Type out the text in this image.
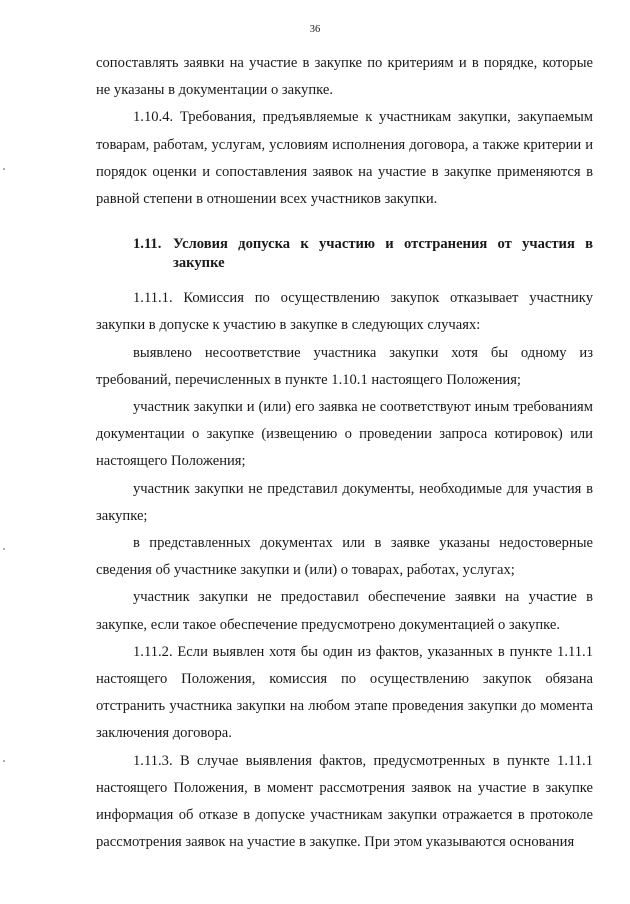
36

сопоставлять заявки на участие в закупке по критериям и в порядке, которые не указаны в документации о закупке.

1.10.4. Требования, предъявляемые к участникам закупки, закупаемым товарам, работам, услугам, условиям исполнения договора, а также критерии и порядок оценки и сопоставления заявок на участие в закупке применяются в равной степени в отношении всех участников закупки.

1.11. Условия допуска к участию и отстранения от участия в закупке

1.11.1. Комиссия по осуществлению закупок отказывает участнику закупки в допуске к участию в закупке в следующих случаях:

выявлено несоответствие участника закупки хотя бы одному из требований, перечисленных в пункте 1.10.1 настоящего Положения;

участник закупки и (или) его заявка не соответствуют иным требованиям документации о закупке (извещению о проведении запроса котировок) или настоящего Положения;

участник закупки не представил документы, необходимые для участия в закупке;

в представленных документах или в заявке указаны недостоверные сведения об участнике закупки и (или) о товарах, работах, услугах;

участник закупки не предоставил обеспечение заявки на участие в закупке, если такое обеспечение предусмотрено документацией о закупке.

1.11.2. Если выявлен хотя бы один из фактов, указанных в пункте 1.11.1 настоящего Положения, комиссия по осуществлению закупок обязана отстранить участника закупки на любом этапе проведения закупки до момента заключения договора.

1.11.3. В случае выявления фактов, предусмотренных в пункте 1.11.1 настоящего Положения, в момент рассмотрения заявок на участие в закупке информация об отказе в допуске участникам закупки отражается в протоколе рассмотрения заявок на участие в закупке. При этом указываются основания
